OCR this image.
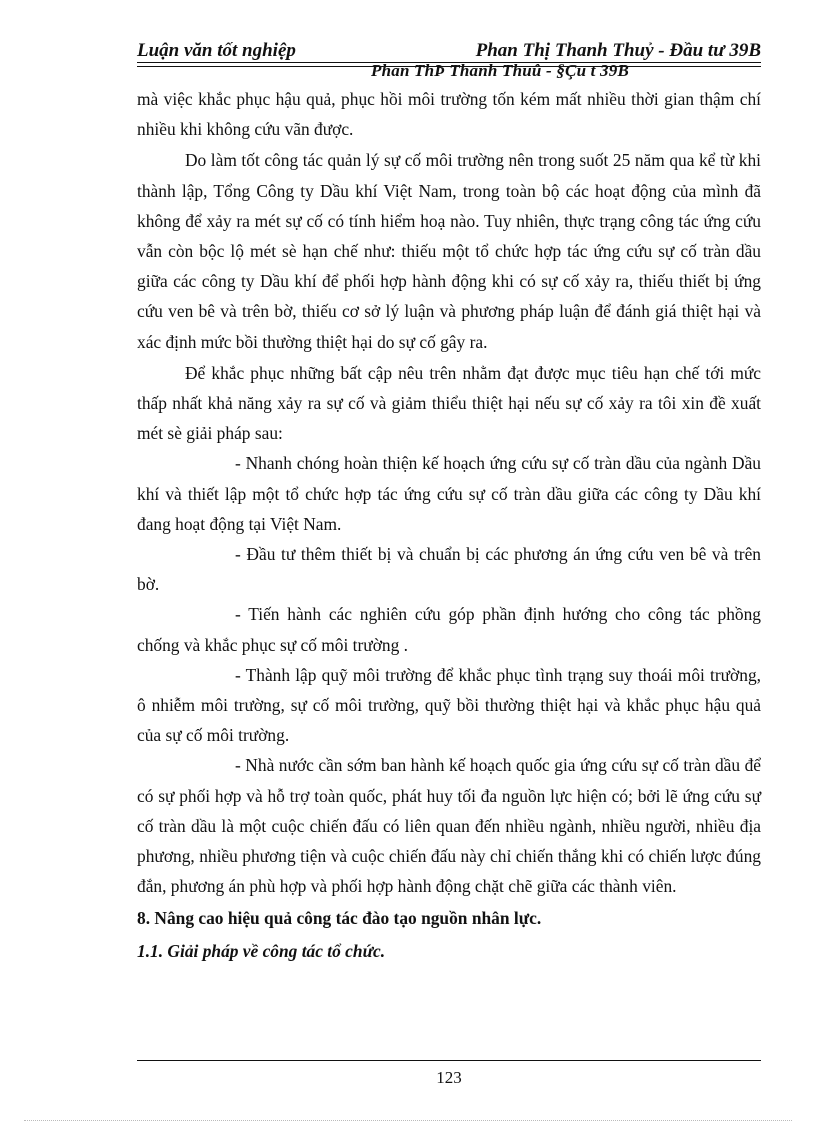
Luận văn tốt nghiệp	Phan Thị Thanh Thuỷ - Đầu tư 39B
Phan ThÞ Thanh Thuû - §Çu t 39B

mà việc khắc phục hậu quả, phục hồi môi trường tốn kém mất nhiều thời gian thậm chí nhiều khi không cứu vãn được.

Do làm tốt công tác quản lý sự cố môi trường nên trong suốt 25 năm qua kể từ khi thành lập, Tổng Công ty Dầu khí Việt Nam, trong toàn bộ các hoạt động của mình đã không để xảy ra mét sự cố có tính hiểm hoạ nào. Tuy nhiên, thực trạng công tác ứng cứu vẫn còn bộc lộ mét sè hạn chế như: thiếu một tổ chức hợp tác ứng cứu sự cố tràn dầu giữa các công ty Dầu khí để phối hợp hành động khi có sự cố xảy ra, thiếu thiết bị ứng cứu ven bê và trên bờ, thiếu cơ sở lý luận và phương pháp luận để đánh giá thiệt hại và xác định mức bồi thường thiệt hại do sự cố gây ra.

Để khắc phục những bất cập nêu trên nhằm đạt được mục tiêu hạn chế tới mức thấp nhất khả năng xảy ra sự cố và giảm thiểu thiệt hại nếu sự cố xảy ra tôi xin đề xuất mét sè giải pháp sau:

- Nhanh chóng hoàn thiện kế hoạch ứng cứu sự cố tràn dầu của ngành Dầu khí và thiết lập một tổ chức hợp tác ứng cứu sự cố tràn dầu giữa các công ty Dầu khí đang hoạt động tại Việt Nam.

- Đầu tư thêm thiết bị và chuẩn bị các phương án ứng cứu ven bê và trên bờ.

- Tiến hành các nghiên cứu góp phần định hướng cho công tác phồng chống và khắc phục sự cố môi trường .

- Thành lập quỹ môi trường để khắc phục tình trạng suy thoái môi trường, ô nhiễm môi trường, sự cố môi trường, quỹ bồi thường thiệt hại và khắc phục hậu quả của sự cố môi trường.

- Nhà nước cần sớm ban hành kế hoạch quốc gia ứng cứu sự cố tràn dầu để có sự phối hợp và hỗ trợ toàn quốc, phát huy tối đa nguồn lực hiện có; bởi lẽ ứng cứu sự cố tràn dầu là một cuộc chiến đấu có liên quan đến nhiều ngành, nhiều người, nhiều địa phương, nhiều phương tiện và cuộc chiến đấu này chỉ chiến thắng khi có chiến lược đúng đắn, phương án phù hợp và phối hợp hành động chặt chẽ giữa các thành viên.

8. Nâng cao hiệu quả công tác đào tạo nguồn nhân lực.

1.1. Giải pháp về công tác tổ chức.

123
